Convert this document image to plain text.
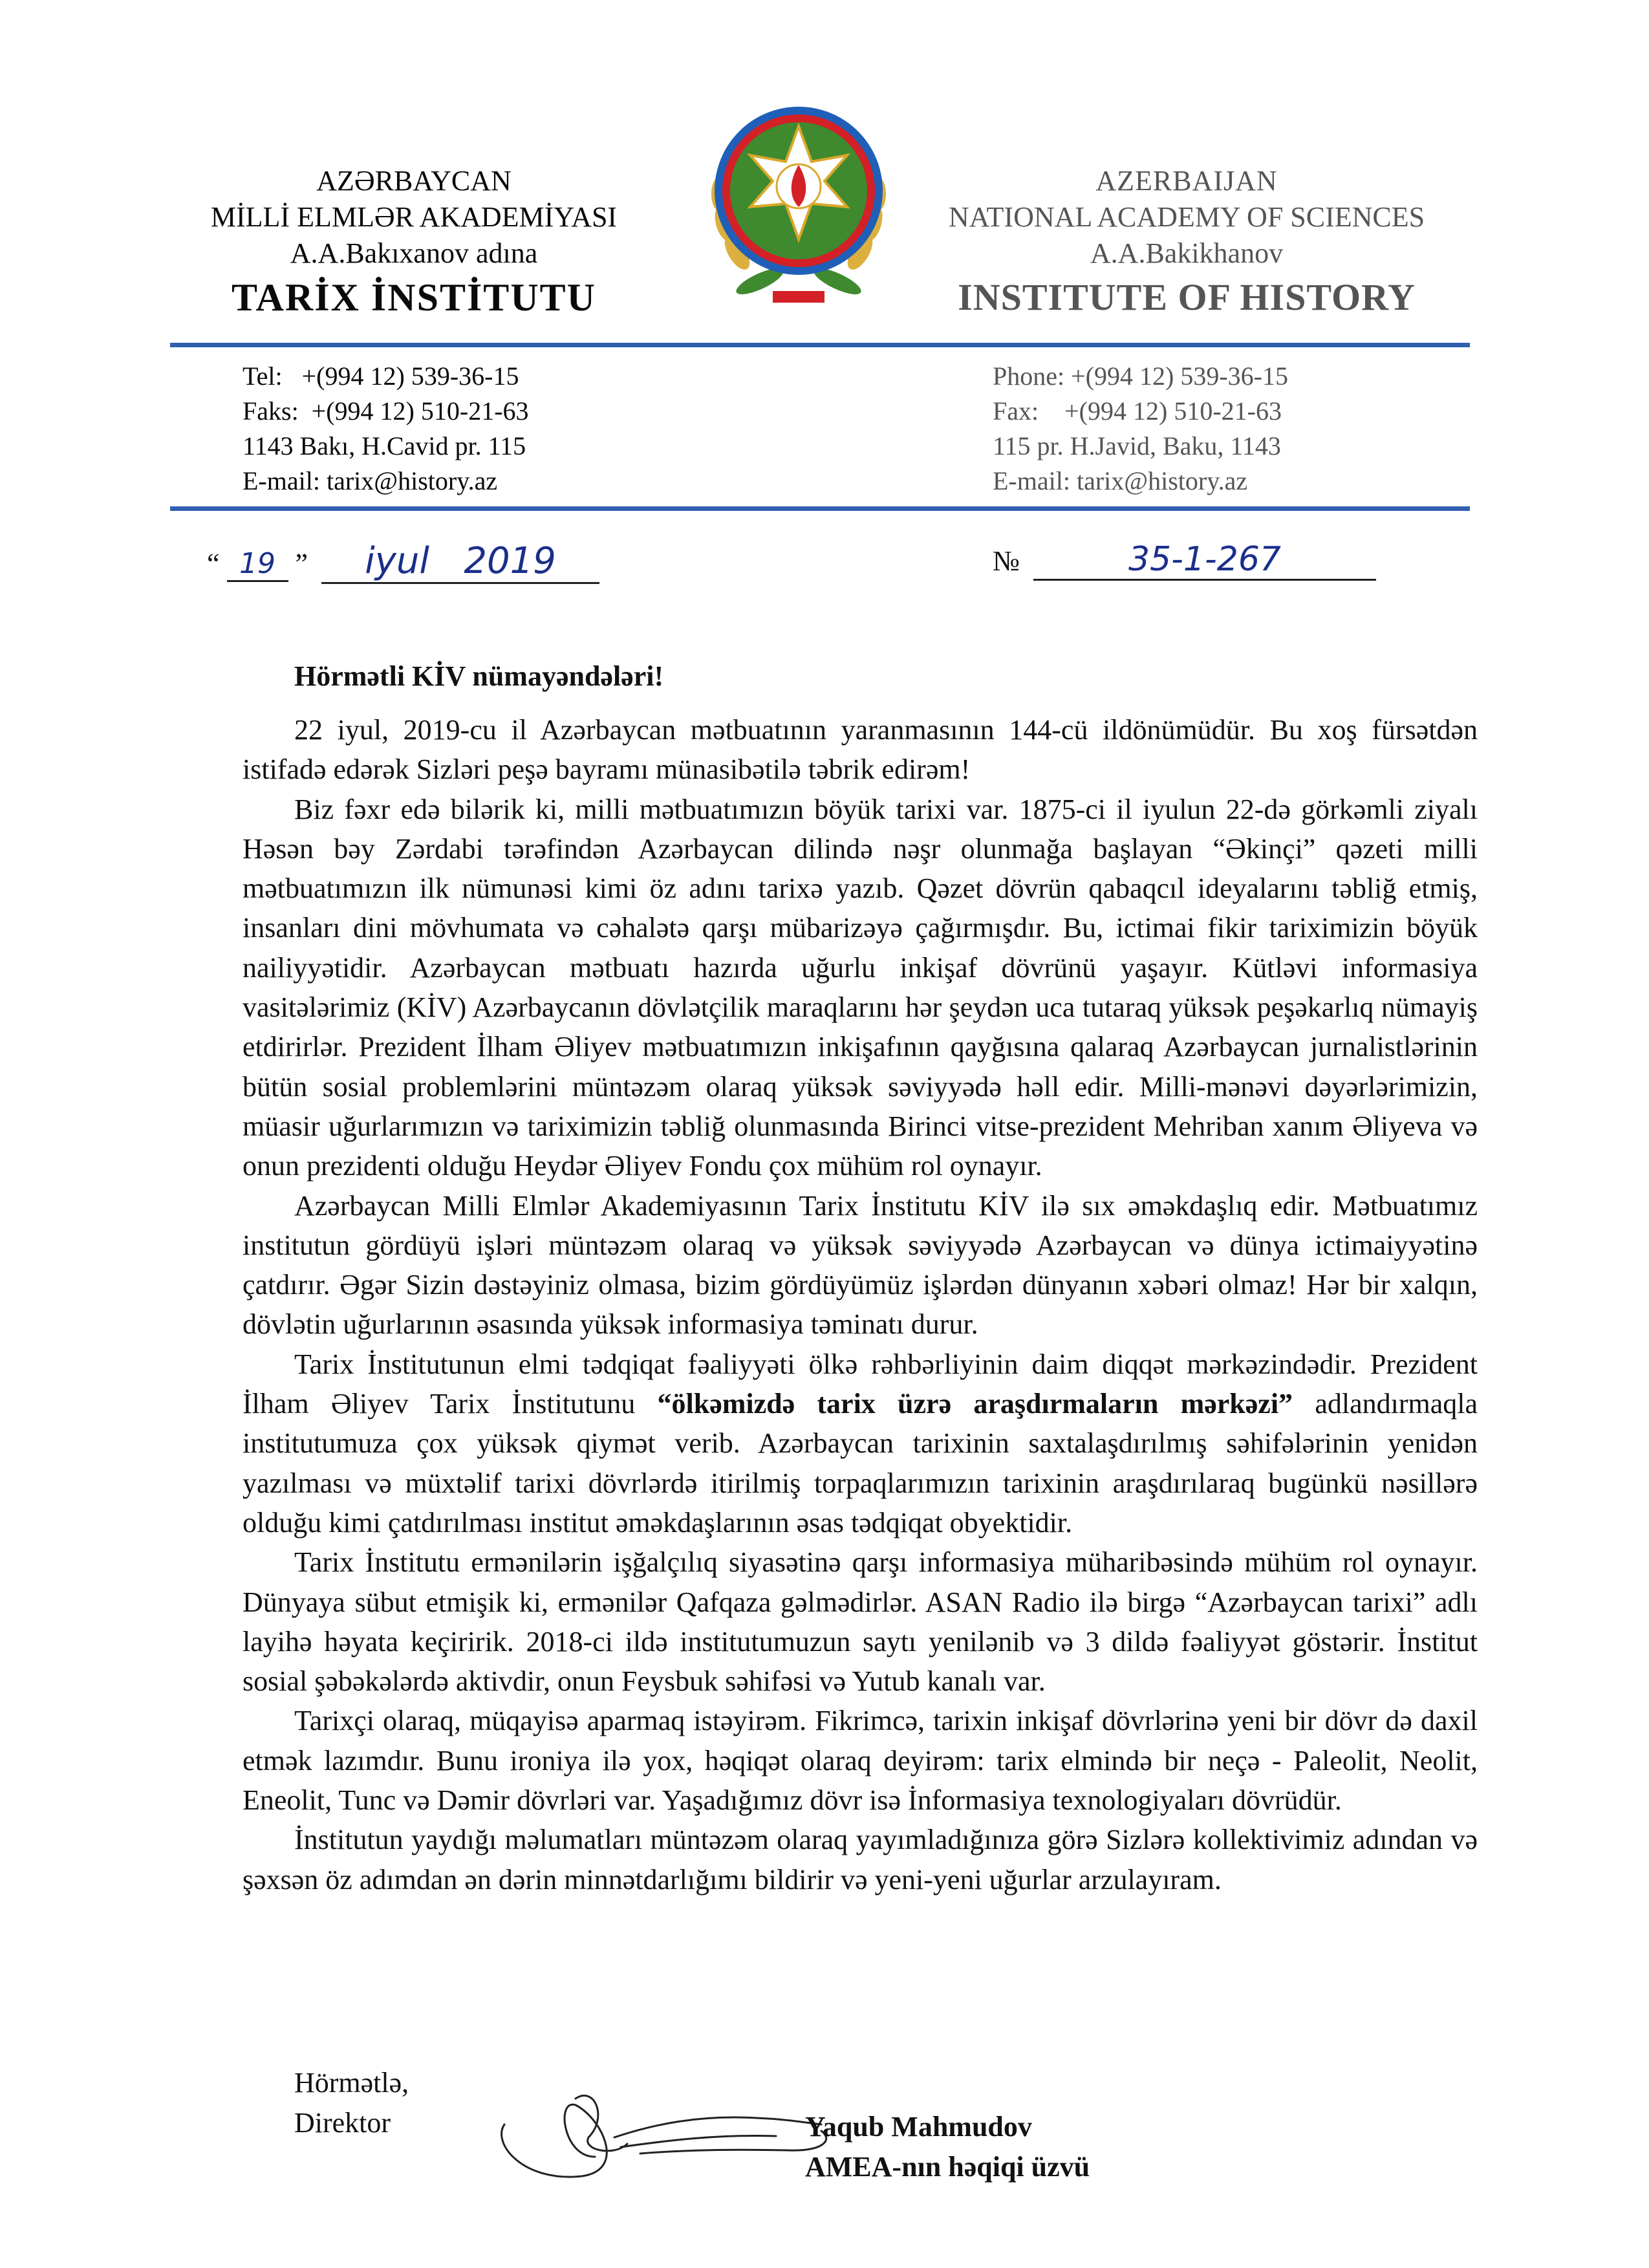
AZƏRBAYCAN
MİLLİ ELMLƏR AKADEMİYASI
A.A.Bakıxanov adına
TARİX İNSTİTUTU
AZERBAIJAN
NATIONAL ACADEMY OF SCIENCES
A.A.Bakikhanov
INSTITUTE OF HISTORY
Tel:   +(994 12) 539-36-15
Faks:  +(994 12) 510-21-63
1143 Bakı, H.Cavid pr. 115
E-mail: tarix@history.az
Phone: +(994 12) 539-36-15
Fax:    +(994 12) 510-21-63
115 pr. H.Javid, Baku, 1143
E-mail: tarix@history.az
“ 19 ” iyul 2019	№	35-1-267
Hörmətli KİV nümayəndələri!

22 iyul, 2019-cu il Azərbaycan mətbuatının yaranmasının 144-cü ildönümüdür. Bu xoş fürsətdən istifadə edərək Sizləri peşə bayramı münasibətilə təbrik edirəm!

Biz fəxr edə bilərik ki, milli mətbuatımızın böyük tarixi var. 1875-ci il iyulun 22-də görkəmli ziyalı Həsən bəy Zərdabi tərəfindən Azərbaycan dilində nəşr olunmağa başlayan “Əkinçi” qəzeti milli mətbuatımızın ilk nümunəsi kimi öz adını tarixə yazıb. Qəzet dövrün qabaqcıl ideyalarını təbliğ etmiş, insanları dini mövhumata və cəhalətə qarşı mübarizəyə çağırmışdır. Bu, ictimai fikir tariximizin böyük nailiyyətidir. Azərbaycan mətbuatı hazırda uğurlu inkişaf dövrünü yaşayır. Kütləvi informasiya vasitələrimiz (KİV) Azərbaycanın dövlətçilik maraqlarını hər şeydən uca tutaraq yüksək peşəkarlıq nümayiş etdirirlər. Prezident İlham Əliyev mətbuatımızın inkişafının qayğısına qalaraq Azərbaycan jurnalistlərinin bütün sosial problemlərini müntəzəm olaraq yüksək səviyyədə həll edir. Milli-mənəvi dəyərlərimizin, müasir uğurlarımızın və tariximizin təbliğ olunmasında Birinci vitse-prezident Mehriban xanım Əliyeva və onun prezidenti olduğu Heydər Əliyev Fondu çox mühüm rol oynayır.

Azərbaycan Milli Elmlər Akademiyasının Tarix İnstitutu KİV ilə sıx əməkdaşlıq edir. Mətbuatımız institutun gördüyü işləri müntəzəm olaraq və yüksək səviyyədə Azərbaycan və dünya ictimaiyyətinə çatdırır. Əgər Sizin dəstəyiniz olmasa, bizim gördüyümüz işlərdən dünyanın xəbəri olmaz! Hər bir xalqın, dövlətin uğurlarının əsasında yüksək informasiya təminatı durur.

Tarix İnstitutunun elmi tədqiqat fəaliyyəti ölkə rəhbərliyinin daim diqqət mərkəzindədir. Prezident İlham Əliyev Tarix İnstitutunu “ölkəmizdə tarix üzrə araşdırmaların mərkəzi” adlandırmaqla institutumuza çox yüksək qiymət verib. Azərbaycan tarixinin saxtalaşdırılmış səhifələrinin yenidən yazılması və müxtəlif tarixi dövrlərdə itirilmiş torpaqlarımızın tarixinin araşdırılaraq bugünkü nəsillərə olduğu kimi çatdırılması institut əməkdaşlarının əsas tədqiqat obyektidir.

Tarix İnstitutu ermənilərin işğalçılıq siyasətinə qarşı informasiya müharibəsində mühüm rol oynayır. Dünyaya sübut etmişik ki, ermənilər Qafqaza gəlmədirlər. ASAN Radio ilə birgə “Azərbaycan tarixi” adlı layihə həyata keçiririk. 2018-ci ildə institutumuzun saytı yenilənib və 3 dildə fəaliyyət göstərir. İnstitut sosial şəbəkələrdə aktivdir, onun Feysbuk səhifəsi və Yutub kanalı var.

Tarixçi olaraq, müqayisə aparmaq istəyirəm. Fikrimcə, tarixin inkişaf dövrlərinə yeni bir dövr də daxil etmək lazımdır. Bunu ironiya ilə yox, həqiqət olaraq deyirəm: tarix elmində bir neçə - Paleolit, Neolit, Eneolit, Tunc və Dəmir dövrləri var. Yaşadığımız dövr isə İnformasiya texnologiyaları dövrüdür.

İnstitutun yaydığı məlumatları müntəzəm olaraq yayımladığınıza görə Sizlərə kollektivimiz adından və şəxsən öz adımdan ən dərin minnətdarlığımı bildirir və yeni-yeni uğurlar arzulayıram.

Hörmətlə,
Direktor	Yaqub Mahmudov
AMEA-nın həqiqi üzvü
